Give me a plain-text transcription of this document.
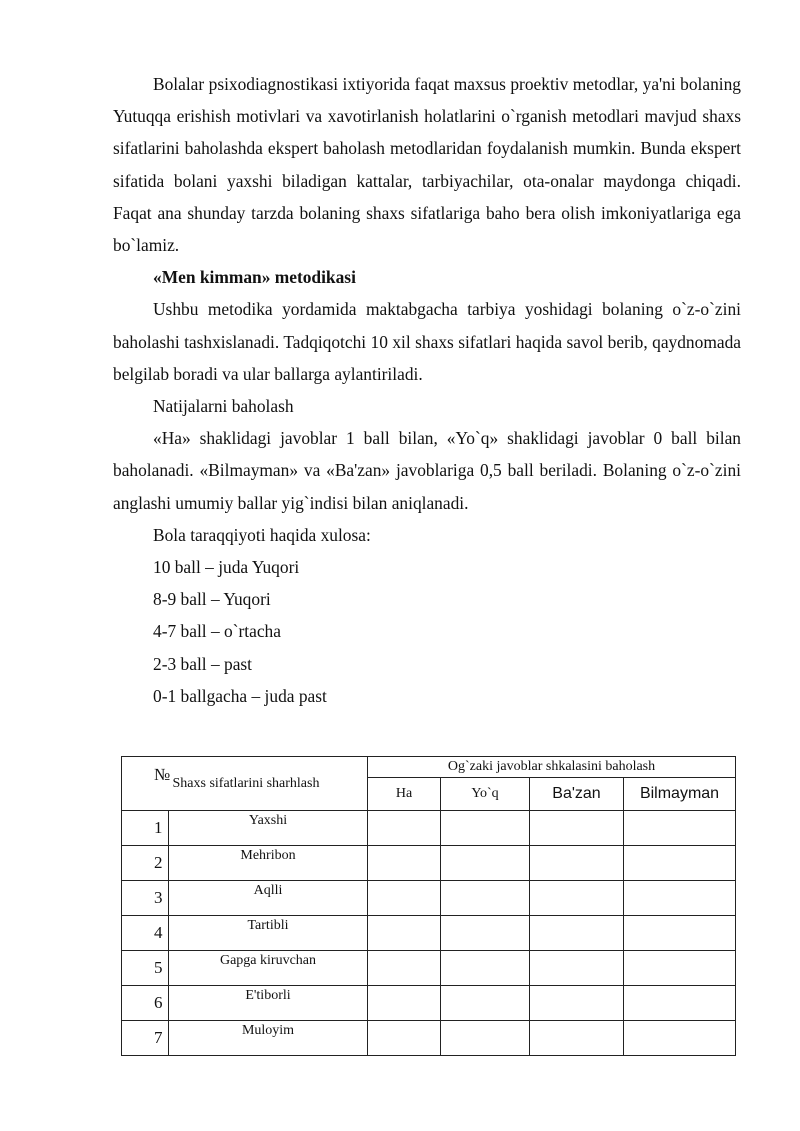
Bolalar psixodiagnostikasi ixtiyorida faqat maxsus proektiv metodlar, ya'ni bolaning Yutuqqa erishish motivlari va xavotirlanish holatlarini o`rganish metodlari mavjud shaxs sifatlarini baholashda ekspert baholash metodlaridan foydalanish mumkin. Bunda ekspert sifatida bolani yaxshi biladigan kattalar, tarbiyachilar, ota-onalar maydonga chiqadi. Faqat ana shunday tarzda bolaning shaxs sifatlariga baho bera olish imkoniyatlariga ega bo`lamiz.

«Men kimman» metodikasi

Ushbu metodika yordamida maktabgacha tarbiya yoshidagi bolaning o`z-o`zini baholashi tashxislanadi. Tadqiqotchi 10 xil shaxs sifatlari haqida savol berib, qaydnomada belgilab boradi va ular ballarga aylantiriladi.

Natijalarni baholash

«Ha» shaklidagi javoblar 1 ball bilan, «Yo`q» shaklidagi javoblar 0 ball bilan baholanadi. «Bilmayman» va «Ba'zan» javoblariga 0,5 ball beriladi. Bolaning o`z-o`zini anglashi umumiy ballar yig`indisi bilan aniqlanadi.

Bola taraqqiyoti haqida xulosa:

10 ball – juda Yuqori

8-9 ball – Yuqori

4-7 ball – o`rtacha

2-3 ball – past

0-1 ballgacha – juda past

№	Shaxs sifatlarini sharhlash	Og`zaki javoblar shkalasini baholash			
		Ha	Yo`q	Ba'zan	Bilmayman
1	Yaxshi				
2	Mehribon				
3	Aqlli				
4	Tartibli				
5	Gapga kiruvchan				
6	E'tiborli				
7	Muloyim				
